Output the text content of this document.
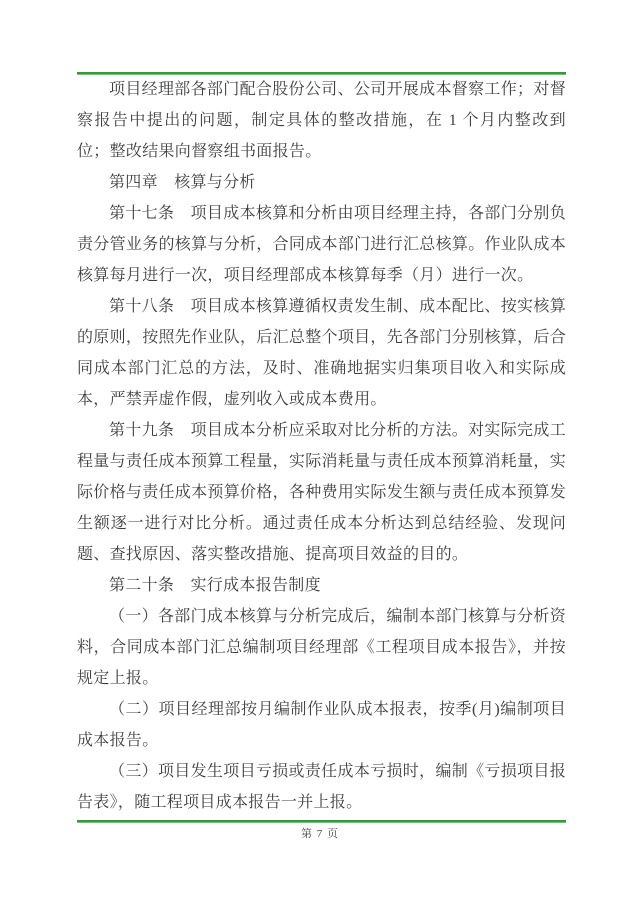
项目经理部各部门配合股份公司、公司开展成本督察工作；对督察报告中提出的问题，制定具体的整改措施，在 1 个月内整改到位；整改结果向督察组书面报告。

第四章　核算与分析

第十七条　项目成本核算和分析由项目经理主持，各部门分别负责分管业务的核算与分析，合同成本部门进行汇总核算。作业队成本核算每月进行一次，项目经理部成本核算每季（月）进行一次。

第十八条　项目成本核算遵循权责发生制、成本配比、按实核算的原则，按照先作业队，后汇总整个项目，先各部门分别核算，后合同成本部门汇总的方法，及时、准确地据实归集项目收入和实际成本，严禁弄虚作假，虚列收入或成本费用。

第十九条　项目成本分析应采取对比分析的方法。对实际完成工程量与责任成本预算工程量，实际消耗量与责任成本预算消耗量，实际价格与责任成本预算价格，各种费用实际发生额与责任成本预算发生额逐一进行对比分析。通过责任成本分析达到总结经验、发现问题、查找原因、落实整改措施、提高项目效益的目的。

第二十条　实行成本报告制度

（一）各部门成本核算与分析完成后，编制本部门核算与分析资料，合同成本部门汇总编制项目经理部《工程项目成本报告》，并按规定上报。

（二）项目经理部按月编制作业队成本报表，按季(月)编制项目成本报告。

（三）项目发生项目亏损或责任成本亏损时，编制《亏损项目报告表》，随工程项目成本报告一并上报。

第 7 页
